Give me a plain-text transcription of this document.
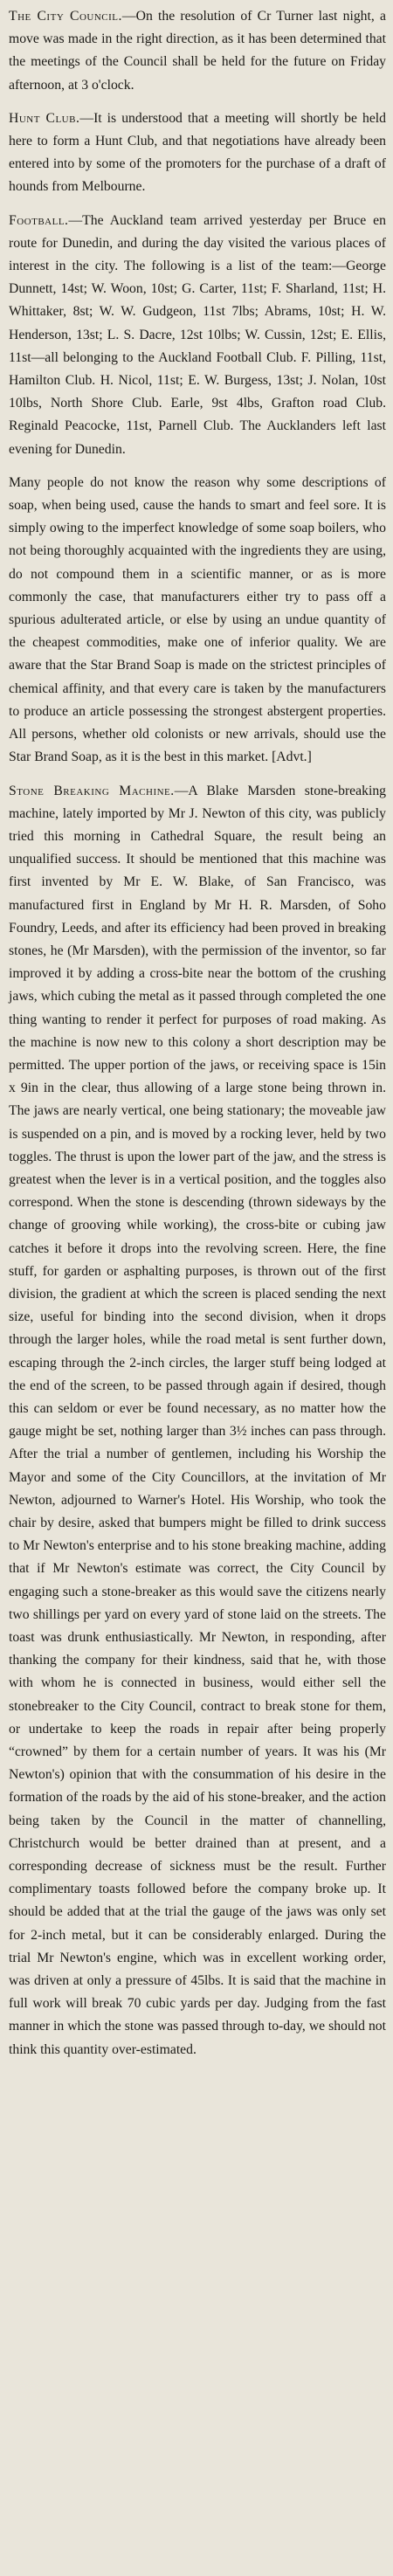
The City Council.—On the resolution of Cr Turner last night, a move was made in the right direction, as it has been determined that the meetings of the Council shall be held for the future on Friday afternoon, at 3 o'clock.

Hunt Club.—It is understood that a meeting will shortly be held here to form a Hunt Club, and that negotiations have already been entered into by some of the promoters for the purchase of a draft of hounds from Melbourne.

Football.—The Auckland team arrived yesterday per Bruce en route for Dunedin, and during the day visited the various places of interest in the city. The following is a list of the team:—George Dunnett, 14st; W. Woon, 10st; G. Carter, 11st; F. Sharland, 11st; H. Whittaker, 8st; W. W. Gudgeon, 11st 7lbs; Abrams, 10st; H. W. Henderson, 13st; L. S. Dacre, 12st 10lbs; W. Cussin, 12st; E. Ellis, 11st—all belonging to the Auckland Football Club. F. Pilling, 11st, Hamilton Club. H. Nicol, 11st; E. W. Burgess, 13st; J. Nolan, 10st 10lbs, North Shore Club. Earle, 9st 4lbs, Grafton road Club. Reginald Peacocke, 11st, Parnell Club. The Aucklanders left last evening for Dunedin.

Many people do not know the reason why some descriptions of soap, when being used, cause the hands to smart and feel sore. It is simply owing to the imperfect knowledge of some soap boilers, who not being thoroughly acquainted with the ingredients they are using, do not compound them in a scientific manner, or as is more commonly the case, that manufacturers either try to pass off a spurious adulterated article, or else by using an undue quantity of the cheapest commodities, make one of inferior quality. We are aware that the Star Brand Soap is made on the strictest principles of chemical affinity, and that every care is taken by the manufacturers to produce an article possessing the strongest abstergent properties. All persons, whether old colonists or new arrivals, should use the Star Brand Soap, as it is the best in this market. [Advt.]

Stone Breaking Machine.—A Blake Marsden stone-breaking machine, lately imported by Mr J. Newton of this city, was publicly tried this morning in Cathedral Square, the result being an unqualified success. It should be mentioned that this machine was first invented by Mr E. W. Blake, of San Francisco, was manufactured first in England by Mr H. R. Marsden, of Soho Foundry, Leeds, and after its efficiency had been proved in breaking stones, he (Mr Marsden), with the permission of the inventor, so far improved it by adding a cross-bite near the bottom of the crushing jaws, which cubing the metal as it passed through completed the one thing wanting to render it perfect for purposes of road making. As the machine is now new to this colony a short description may be permitted. The upper portion of the jaws, or receiving space is 15in x 9in in the clear, thus allowing of a large stone being thrown in. The jaws are nearly vertical, one being stationary; the moveable jaw is suspended on a pin, and is moved by a rocking lever, held by two toggles. The thrust is upon the lower part of the jaw, and the stress is greatest when the lever is in a vertical position, and the toggles also correspond. When the stone is descending (thrown sideways by the change of grooving while working), the cross-bite or cubing jaw catches it before it drops into the revolving screen. Here, the fine stuff, for garden or asphalting purposes, is thrown out of the first division, the gradient at which the screen is placed sending the next size, useful for binding into the second division, when it drops through the larger holes, while the road metal is sent further down, escaping through the 2-inch circles, the larger stuff being lodged at the end of the screen, to be passed through again if desired, though this can seldom or ever be found necessary, as no matter how the gauge might be set, nothing larger than 3½ inches can pass through. After the trial a number of gentlemen, including his Worship the Mayor and some of the City Councillors, at the invitation of Mr Newton, adjourned to Warner's Hotel. His Worship, who took the chair by desire, asked that bumpers might be filled to drink success to Mr Newton's enterprise and to his stone breaking machine, adding that if Mr Newton's estimate was correct, the City Council by engaging such a stone-breaker as this would save the citizens nearly two shillings per yard on every yard of stone laid on the streets. The toast was drunk enthusiastically. Mr Newton, in responding, after thanking the company for their kindness, said that he, with those with whom he is connected in business, would either sell the stonebreaker to the City Council, contract to break stone for them, or undertake to keep the roads in repair after being properly “crowned” by them for a certain number of years. It was his (Mr Newton's) opinion that with the consummation of his desire in the formation of the roads by the aid of his stone-breaker, and the action being taken by the Council in the matter of channelling, Christchurch would be better drained than at present, and a corresponding decrease of sickness must be the result. Further complimentary toasts followed before the company broke up. It should be added that at the trial the gauge of the jaws was only set for 2-inch metal, but it can be considerably enlarged. During the trial Mr Newton's engine, which was in excellent working order, was driven at only a pressure of 45lbs. It is said that the machine in full work will break 70 cubic yards per day. Judging from the fast manner in which the stone was passed through to-day, we should not think this quantity over-estimated.
